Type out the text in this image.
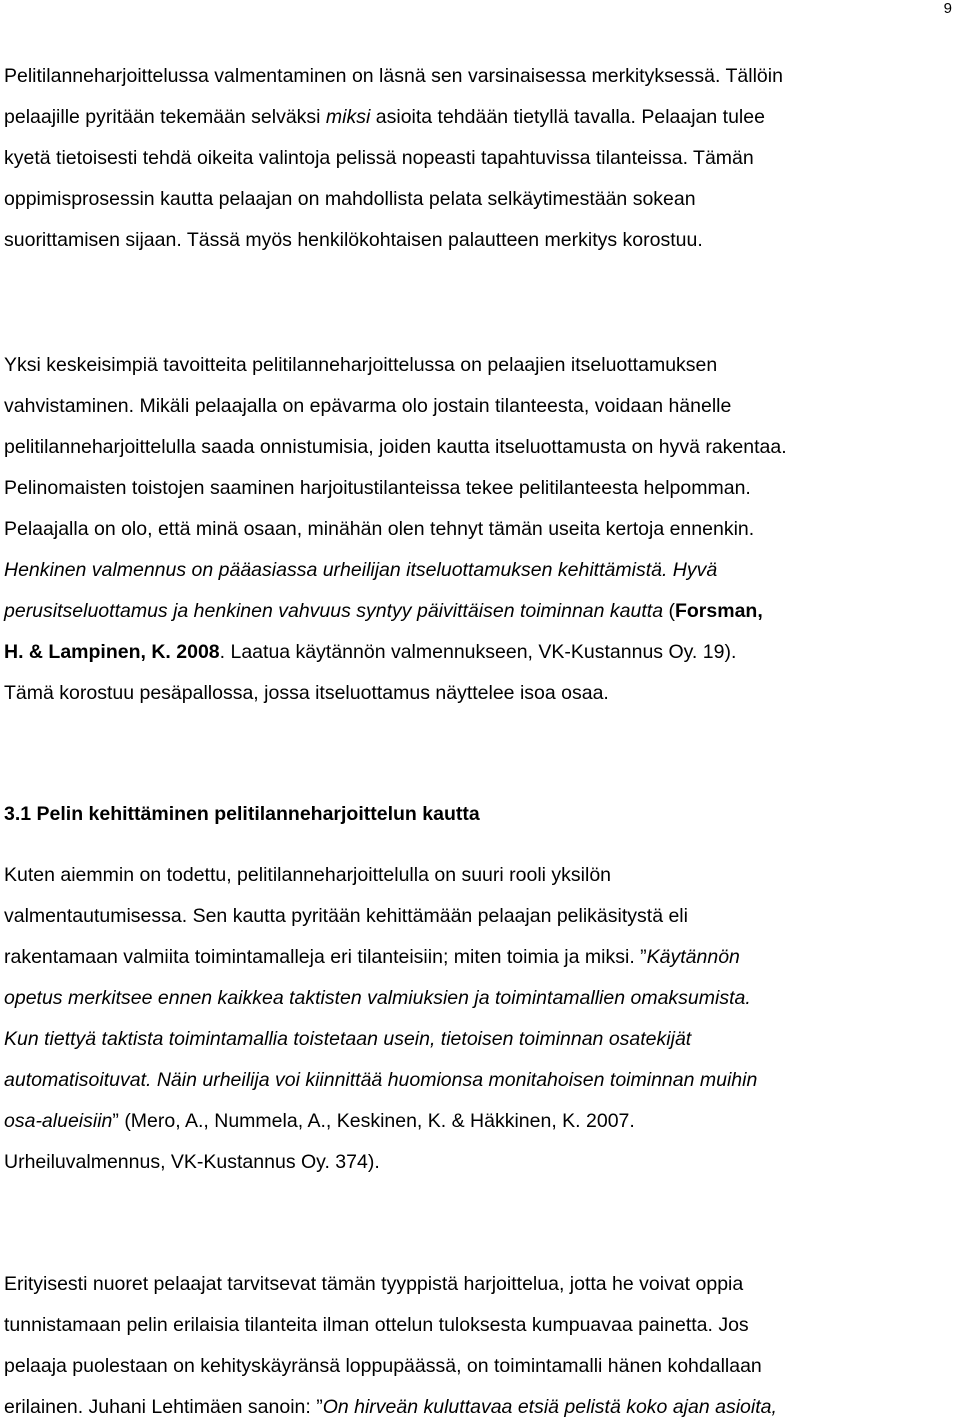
9
Pelitilanneharjoittelussa valmentaminen on läsnä sen varsinaisessa merkityksessä. Tällöin
pelaajille pyritään tekemään selväksi miksi asioita tehdään tietyllä tavalla. Pelaajan tulee
kyetä tietoisesti tehdä oikeita valintoja pelissä nopeasti tapahtuvissa tilanteissa. Tämän
oppimisprosessin kautta pelaajan on mahdollista pelata selkäytimestään sokean
suorittamisen sijaan. Tässä myös henkilökohtaisen palautteen merkitys korostuu.
Yksi keskeisimpiä tavoitteita pelitilanneharjoittelussa on pelaajien itseluottamuksen
vahvistaminen. Mikäli pelaajalla on epävarma olo jostain tilanteesta, voidaan hänelle
pelitilanneharjoittelulla saada onnistumisia, joiden kautta itseluottamusta on hyvä rakentaa.
Pelinomaisten toistojen saaminen harjoitustilanteissa tekee pelitilanteesta helpomman.
Pelaajalla on olo, että minä osaan, minähän olen tehnyt tämän useita kertoja ennenkin.
Henkinen valmennus on pääasiassa urheilijan itseluottamuksen kehittämistä. Hyvä
perusitseluottamus ja henkinen vahvuus syntyy päivittäisen toiminnan kautta (Forsman,
H. & Lampinen, K. 2008. Laatua käytännön valmennukseen, VK-Kustannus Oy. 19).
Tämä korostuu pesäpallossa, jossa itseluottamus näyttelee isoa osaa.
3.1 Pelin kehittäminen pelitilanneharjoittelun kautta
Kuten aiemmin on todettu, pelitilanneharjoittelulla on suuri rooli yksilön
valmentautumisessa. Sen kautta pyritään kehittämään pelaajan pelikäsitystä eli
rakentamaan valmiita toimintamalleja eri tilanteisiin; miten toimia ja miksi. ”Käytännön
opetus merkitsee ennen kaikkea taktisten valmiuksien ja toimintamallien omaksumista.
Kun tiettyä taktista toimintamallia toistetaan usein, tietoisen toiminnan osatekijät
automatisoituvat. Näin urheilija voi kiinnittää huomionsa monitahoisen toiminnan muihin
osa-alueisiin” (Mero, A., Nummela, A., Keskinen, K. & Häkkinen, K. 2007.
Urheiluvalmennus, VK-Kustannus Oy. 374).
Erityisesti nuoret pelaajat tarvitsevat tämän tyyppistä harjoittelua, jotta he voivat oppia
tunnistamaan pelin erilaisia tilanteita ilman ottelun tuloksesta kumpuavaa painetta. Jos
pelaaja puolestaan on kehityskäyränsä loppupäässä, on toimintamalli hänen kohdallaan
erilainen. Juhani Lehtimäen sanoin: ”On hirveän kuluttavaa etsiä pelistä koko ajan asioita,
